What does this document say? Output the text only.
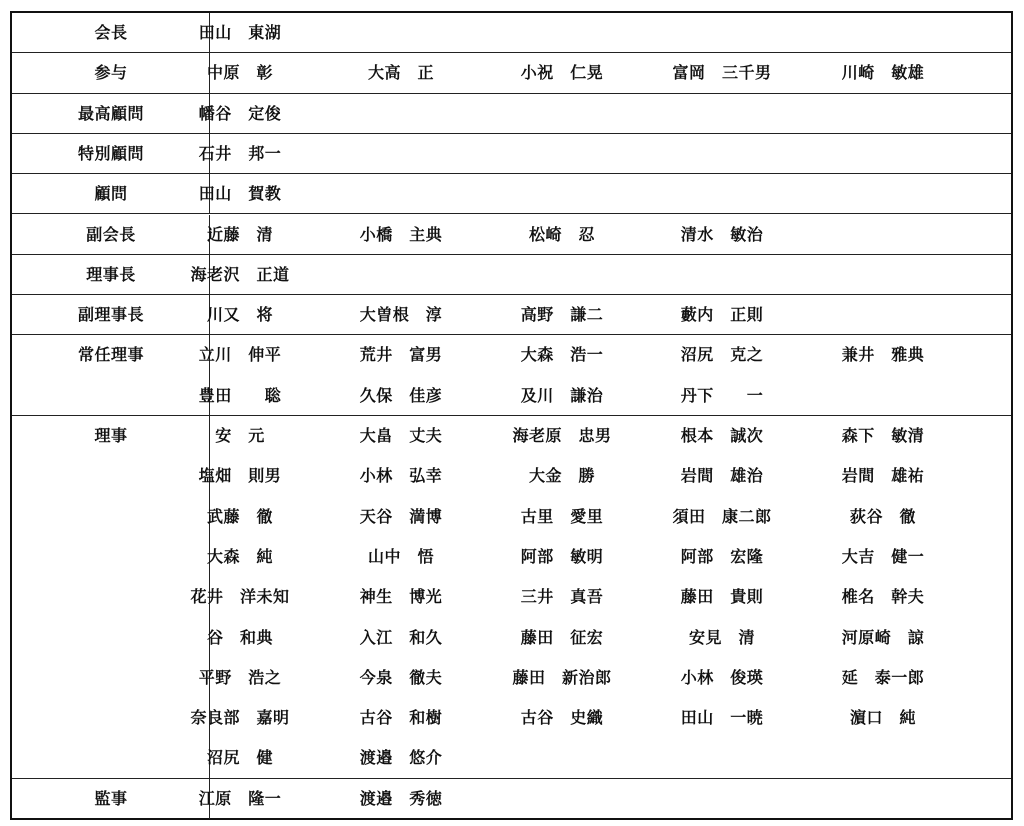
会長	田山　東湖
参与	中原　彰	大高　正	小祝　仁晃	富岡　三千男	川崎　敏雄
最高顧問	幡谷　定俊
特別顧問	石井　邦一
顧問	田山　賀教
副会長	近藤　清	小橋　主典	松崎　忍	清水　敏治
理事長	海老沢　正道
副理事長	川又　将	大曽根　淳	高野　謙二	藪内　正則
常任理事	立川　伸平	荒井　富男	大森　浩一	沼尻　克之	兼井　雅典
豊田　　聡	久保　佳彦	及川　謙治	丹下　　一
理事	安　元	大畠　丈夫	海老原　忠男	根本　誠次	森下　敏清
塩畑　則男	小林　弘幸	大金　勝	岩間　雄治	岩間　雄祐
武藤　徹	天谷　満博	古里　愛里	須田　康二郎	荻谷　徹
大森　純	山中　悟	阿部　敏明	阿部　宏隆	大吉　健一
花井　洋未知	神生　博光	三井　真吾	藤田　貴則	椎名　幹夫
谷　和典	入江　和久	藤田　征宏	安見　清	河原崎　諒
平野　浩之	今泉　徹夫	藤田　新治郎	小林　俊瑛	延　泰一郎
奈良部　嘉明	古谷　和樹	古谷　史織	田山　一暁	濵口　純
沼尻　健	渡邉　悠介
監事	江原　隆一	渡邉　秀徳
